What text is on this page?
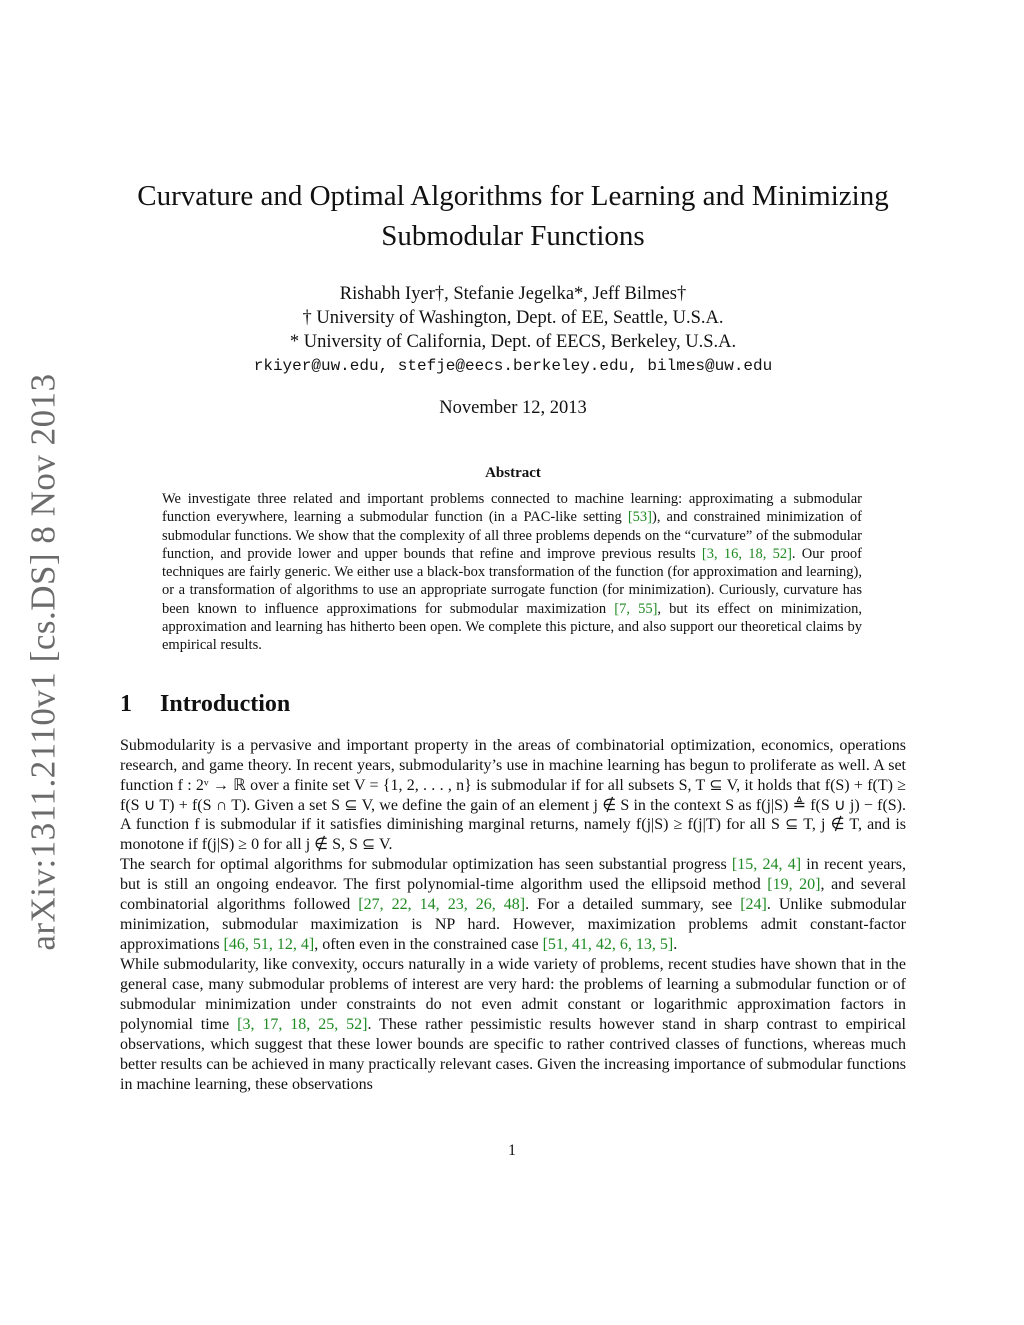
arXiv:1311.2110v1 [cs.DS] 8 Nov 2013
Curvature and Optimal Algorithms for Learning and Minimizing
Submodular Functions
Rishabh Iyer†, Stefanie Jegelka*, Jeff Bilmes†
† University of Washington, Dept. of EE, Seattle, U.S.A.
* University of California, Dept. of EECS, Berkeley, U.S.A.
rkiyer@uw.edu, stefje@eecs.berkeley.edu, bilmes@uw.edu
November 12, 2013
Abstract
We investigate three related and important problems connected to machine learning: approximating a submodular function everywhere, learning a submodular function (in a PAC-like setting [53]), and constrained minimization of submodular functions. We show that the complexity of all three problems depends on the “curvature” of the submodular function, and provide lower and upper bounds that refine and improve previous results [3, 16, 18, 52]. Our proof techniques are fairly generic. We either use a black-box transformation of the function (for approximation and learning), or a transformation of algorithms to use an appropriate surrogate function (for minimization). Curiously, curvature has been known to influence approximations for submodular maximization [7, 55], but its effect on minimization, approximation and learning has hitherto been open. We complete this picture, and also support our theoretical claims by empirical results.
1 Introduction

Submodularity is a pervasive and important property in the areas of combinatorial optimization, economics, operations research, and game theory. In recent years, submodularity’s use in machine learning has begun to proliferate as well. A set function f : 2ᵛ → ℝ over a finite set V = {1, 2, . . . , n} is submodular if for all subsets S, T ⊆ V, it holds that f(S) + f(T) ≥ f(S ∪ T) + f(S ∩ T). Given a set S ⊆ V, we define the gain of an element j ∉ S in the context S as f(j|S) ≜ f(S ∪ j) − f(S). A function f is submodular if it satisfies diminishing marginal returns, namely f(j|S) ≥ f(j|T) for all S ⊆ T, j ∉ T, and is monotone if f(j|S) ≥ 0 for all j ∉ S, S ⊆ V.

The search for optimal algorithms for submodular optimization has seen substantial progress [15, 24, 4] in recent years, but is still an ongoing endeavor. The first polynomial-time algorithm used the ellipsoid method [19, 20], and several combinatorial algorithms followed [27, 22, 14, 23, 26, 48]. For a detailed summary, see [24]. Unlike submodular minimization, submodular maximization is NP hard. However, maximization problems admit constant-factor approximations [46, 51, 12, 4], often even in the constrained case [51, 41, 42, 6, 13, 5].

While submodularity, like convexity, occurs naturally in a wide variety of problems, recent studies have shown that in the general case, many submodular problems of interest are very hard: the problems of learning a submodular function or of submodular minimization under constraints do not even admit constant or logarithmic approximation factors in polynomial time [3, 17, 18, 25, 52]. These rather pessimistic results however stand in sharp contrast to empirical observations, which suggest that these lower bounds are specific to rather contrived classes of functions, whereas much better results can be achieved in many practically relevant cases. Given the increasing importance of submodular functions in machine learning, these observations

1
